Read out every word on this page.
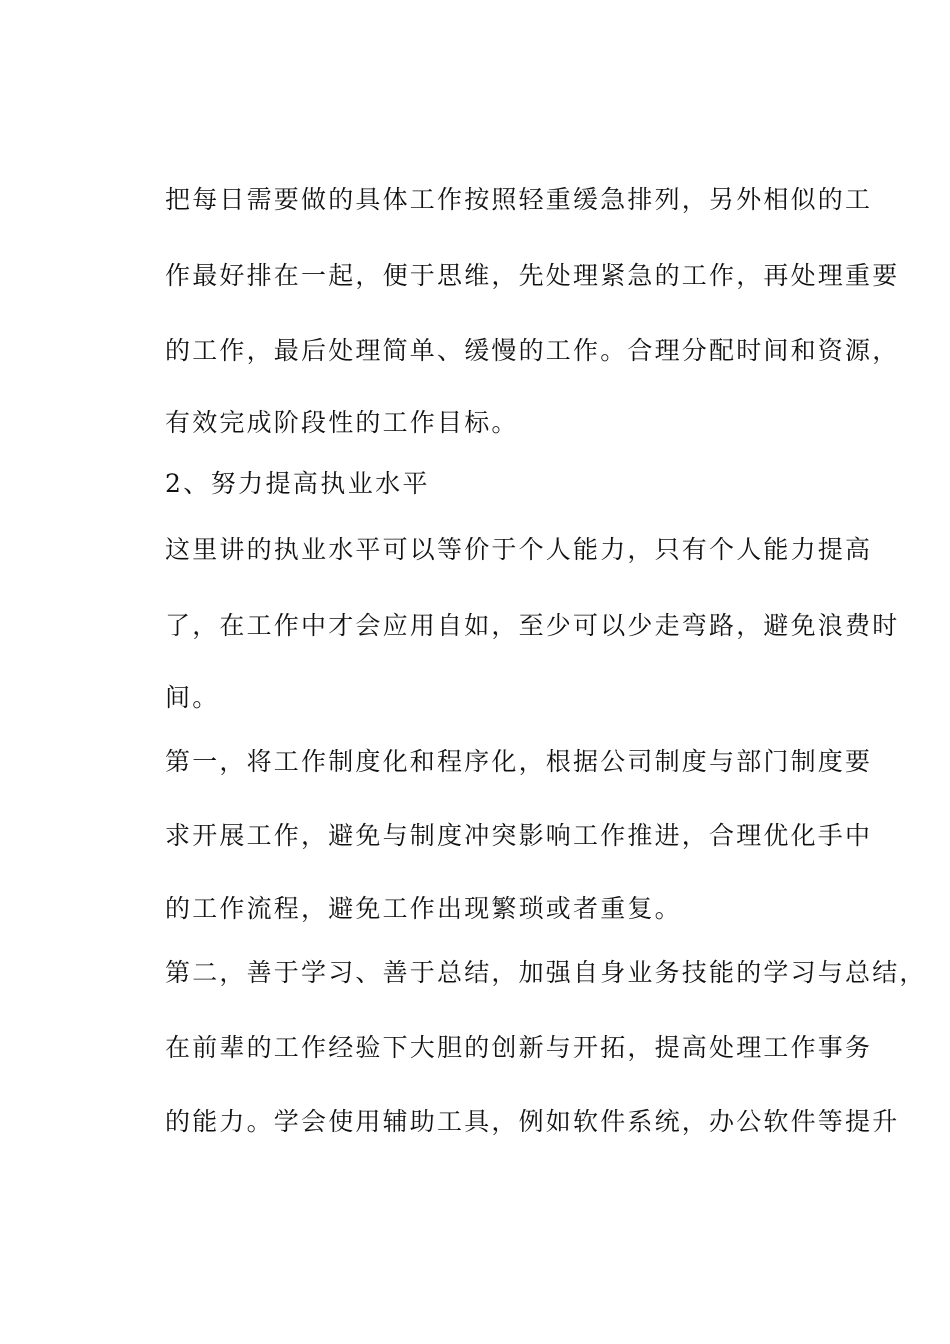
把每日需要做的具体工作按照轻重缓急排列，另外相似的工

作最好排在一起，便于思维，先处理紧急的工作，再处理重要

的工作，最后处理简单、缓慢的工作。合理分配时间和资源，

有效完成阶段性的工作目标。

2、努力提高执业水平

这里讲的执业水平可以等价于个人能力，只有个人能力提高

了，在工作中才会应用自如，至少可以少走弯路，避免浪费时

间。

第一，将工作制度化和程序化，根据公司制度与部门制度要

求开展工作，避免与制度冲突影响工作推进，合理优化手中

的工作流程，避免工作出现繁琐或者重复。

第二，善于学习、善于总结，加强自身业务技能的学习与总结，

在前辈的工作经验下大胆的创新与开拓，提高处理工作事务

的能力。学会使用辅助工具，例如软件系统，办公软件等提升
